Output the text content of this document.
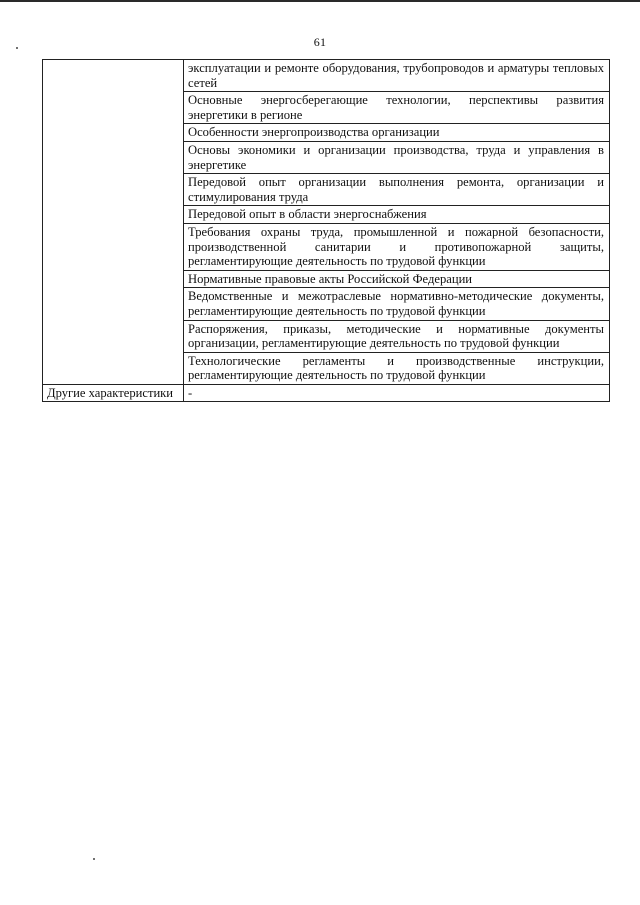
61
	эксплуатации и ремонте оборудования, трубопроводов и арматуры тепловых сетей
	Основные энергосберегающие технологии, перспективы развития энергетики в регионе
	Особенности энергопроизводства организации
	Основы экономики и организации производства, труда и управления в энергетике
	Передовой опыт организации выполнения ремонта, организации и стимулирования труда
	Передовой опыт в области энергоснабжения
	Требования охраны труда, промышленной и пожарной безопасности, производственной санитарии и противопожарной защиты, регламентирующие деятельность по трудовой функции
	Нормативные правовые акты Российской Федерации
	Ведомственные и межотраслевые нормативно-методические документы, регламентирующие деятельность по трудовой функции
	Распоряжения, приказы, методические и нормативные документы организации, регламентирующие деятельность по трудовой функции
	Технологические регламенты и производственные инструкции, регламентирующие деятельность по трудовой функции
Другие характеристики	-
